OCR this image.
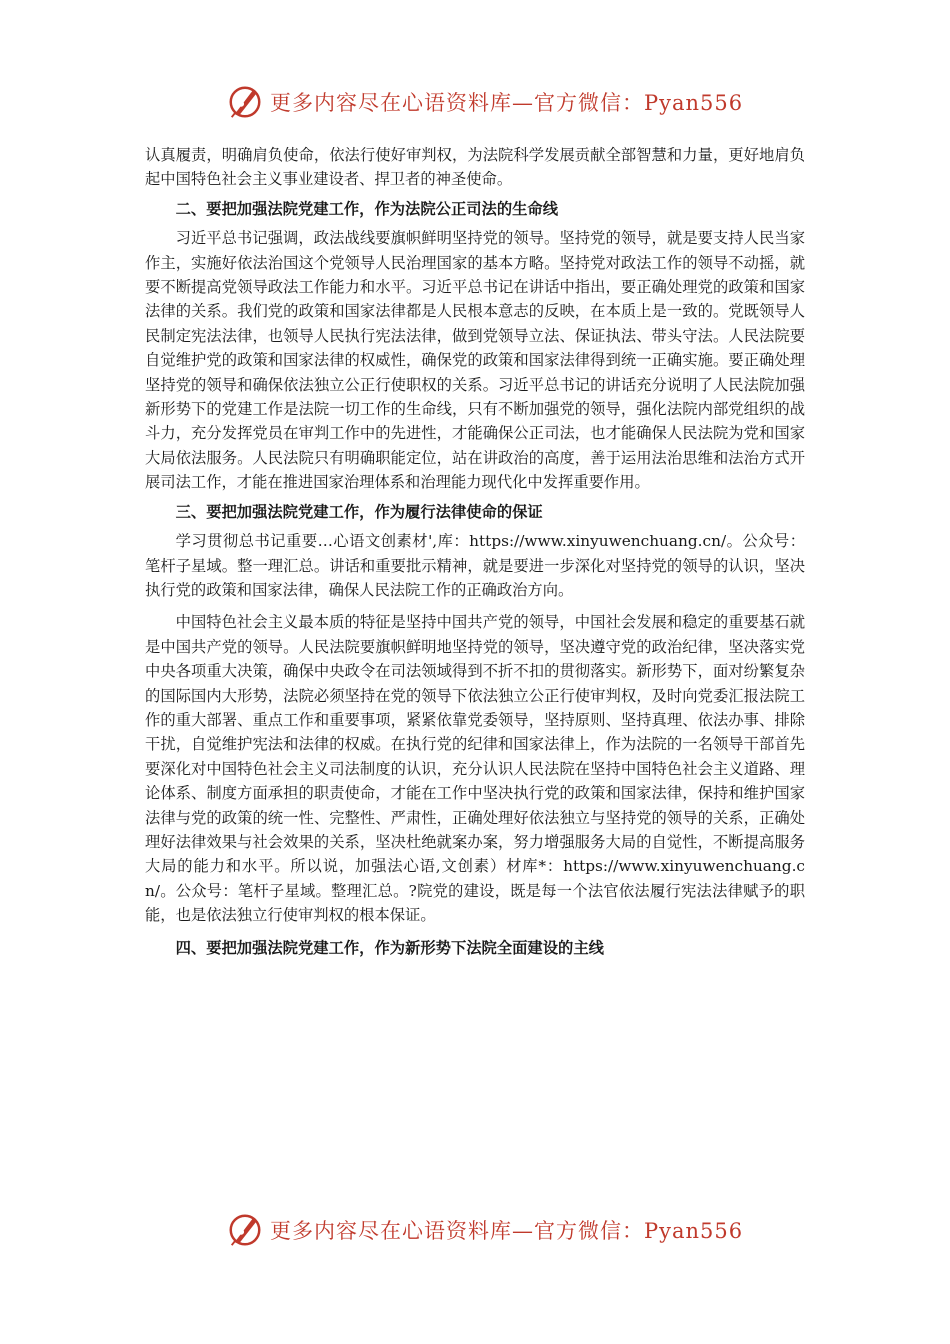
更多内容尽在心语资料库—官方微信：Pyan556

认真履责，明确肩负使命，依法行使好审判权，为法院科学发展贡献全部智慧和力量，更好地肩负起中国特色社会主义事业建设者、捍卫者的神圣使命。

二、要把加强法院党建工作，作为法院公正司法的生命线

习近平总书记强调，政法战线要旗帜鲜明坚持党的领导。坚持党的领导，就是要支持人民当家作主，实施好依法治国这个党领导人民治理国家的基本方略。坚持党对政法工作的领导不动摇，就要不断提高党领导政法工作能力和水平。习近平总书记在讲话中指出，要正确处理党的政策和国家法律的关系。我们党的政策和国家法律都是人民根本意志的反映，在本质上是一致的。党既领导人民制定宪法法律，也领导人民执行宪法法律，做到党领导立法、保证执法、带头守法。人民法院要自觉维护党的政策和国家法律的权威性，确保党的政策和国家法律得到统一正确实施。要正确处理坚持党的领导和确保依法独立公正行使职权的关系。习近平总书记的讲话充分说明了人民法院加强新形势下的党建工作是法院一切工作的生命线，只有不断加强党的领导，强化法院内部党组织的战斗力，充分发挥党员在审判工作中的先进性，才能确保公正司法，也才能确保人民法院为党和国家大局依法服务。人民法院只有明确职能定位，站在讲政治的高度，善于运用法治思维和法治方式开展司法工作，才能在推进国家治理体系和治理能力现代化中发挥重要作用。

三、要把加强法院党建工作，作为履行法律使命的保证

学习贯彻总书记重要…心语文创素材',库：https://www.xinyuwenchuang.cn/。公众号：笔杆子星域。整一理汇总。讲话和重要批示精神，就是要进一步深化对坚持党的领导的认识，坚决执行党的政策和国家法律，确保人民法院工作的正确政治方向。

中国特色社会主义最本质的特征是坚持中国共产党的领导，中国社会发展和稳定的重要基石就是中国共产党的领导。人民法院要旗帜鲜明地坚持党的领导，坚决遵守党的政治纪律，坚决落实党中央各项重大决策，确保中央政令在司法领域得到不折不扣的贯彻落实。新形势下，面对纷繁复杂的国际国内大形势，法院必须坚持在党的领导下依法独立公正行使审判权，及时向党委汇报法院工作的重大部署、重点工作和重要事项，紧紧依靠党委领导，坚持原则、坚持真理、依法办事、排除干扰，自觉维护宪法和法律的权威。在执行党的纪律和国家法律上，作为法院的一名领导干部首先要深化对中国特色社会主义司法制度的认识，充分认识人民法院在坚持中国特色社会主义道路、理论体系、制度方面承担的职责使命，才能在工作中坚决执行党的政策和国家法律，保持和维护国家法律与党的政策的统一性、完整性、严肃性，正确处理好依法独立与坚持党的领导的关系，正确处理好法律效果与社会效果的关系，坚决杜绝就案办案，努力增强服务大局的自觉性，不断提高服务大局的能力和水平。所以说，加强法心语,文创素）材库*：https://www.xinyuwenchuang.cn/。公众号：笔杆子星域。整理汇总。?院党的建设，既是每一个法官依法履行宪法法律赋予的职能，也是依法独立行使审判权的根本保证。

四、要把加强法院党建工作，作为新形势下法院全面建设的主线

更多内容尽在心语资料库—官方微信：Pyan556
